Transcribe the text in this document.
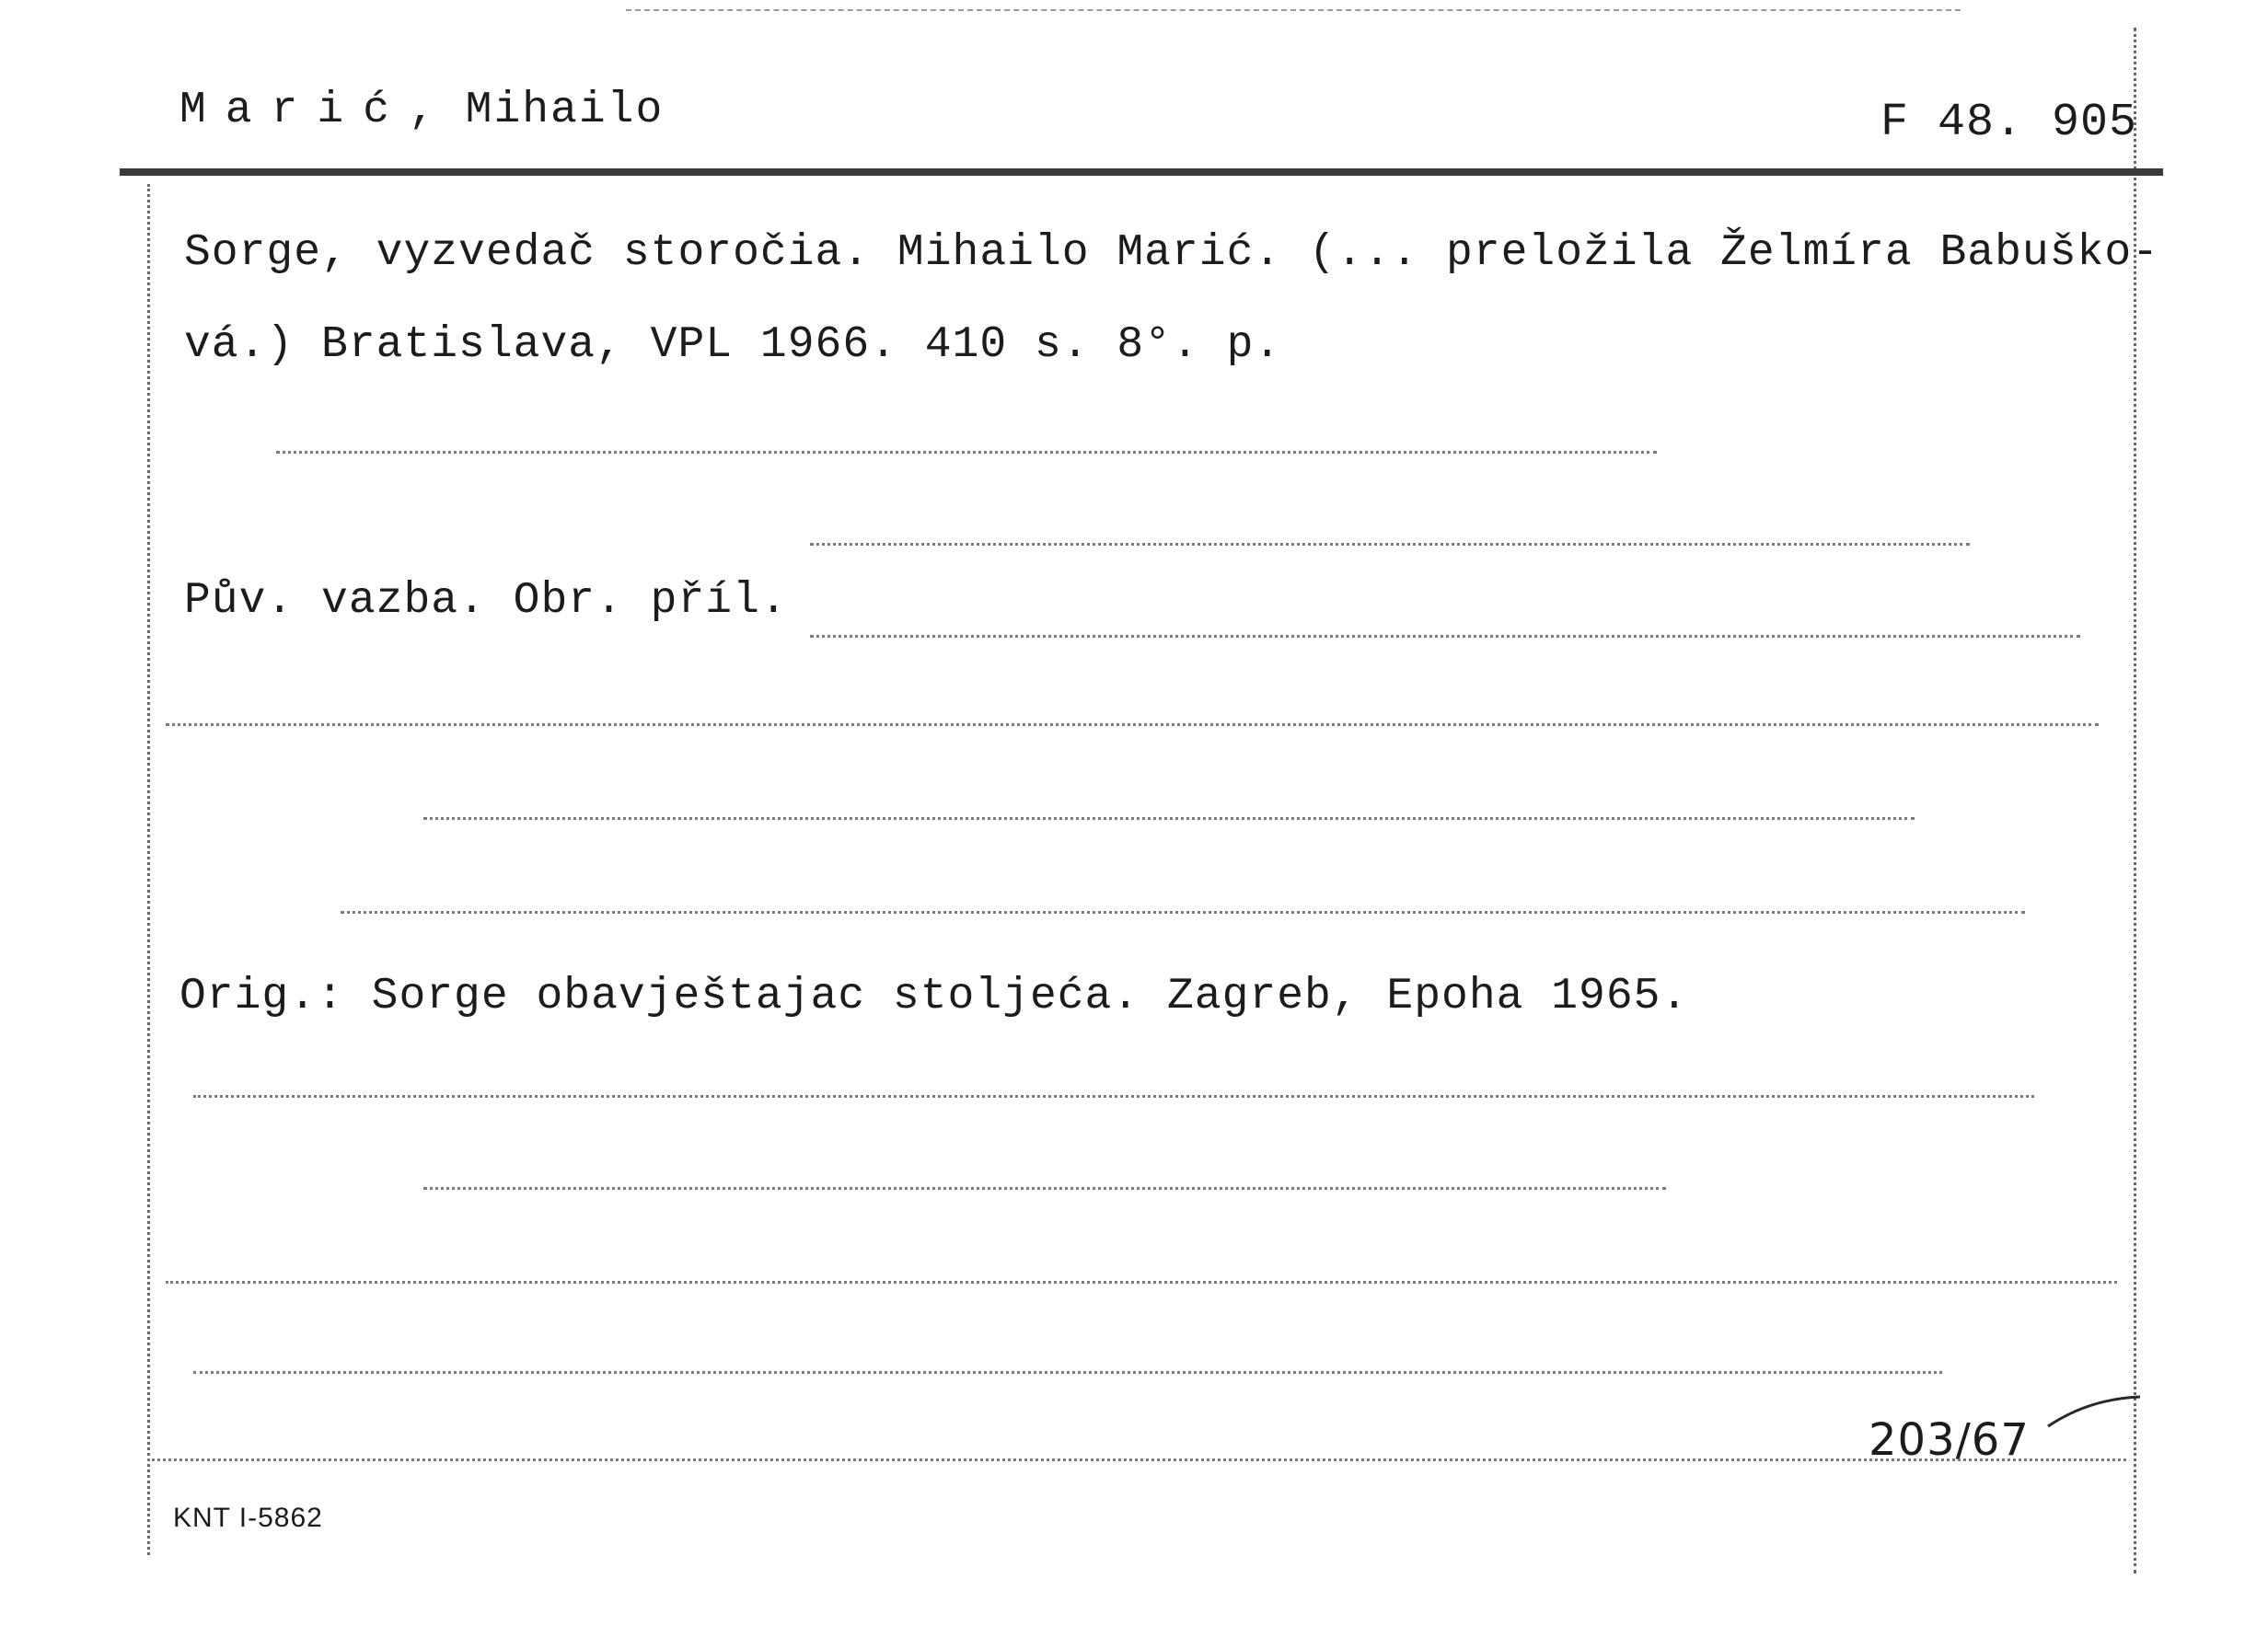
Marić, Mihailo	F 48. 905
Sorge, vyzvedač storočia. Mihailo Marić. (... preložila Želmíra Babuško-
vá.) Bratislava, VPL 1966. 410 s. 8°. p.
Pův. vazba. Obr. příl.
Orig.: Sorge obavještajac stoljeća. Zagreb, Epoha 1965.
203/67
KNT I-5862
